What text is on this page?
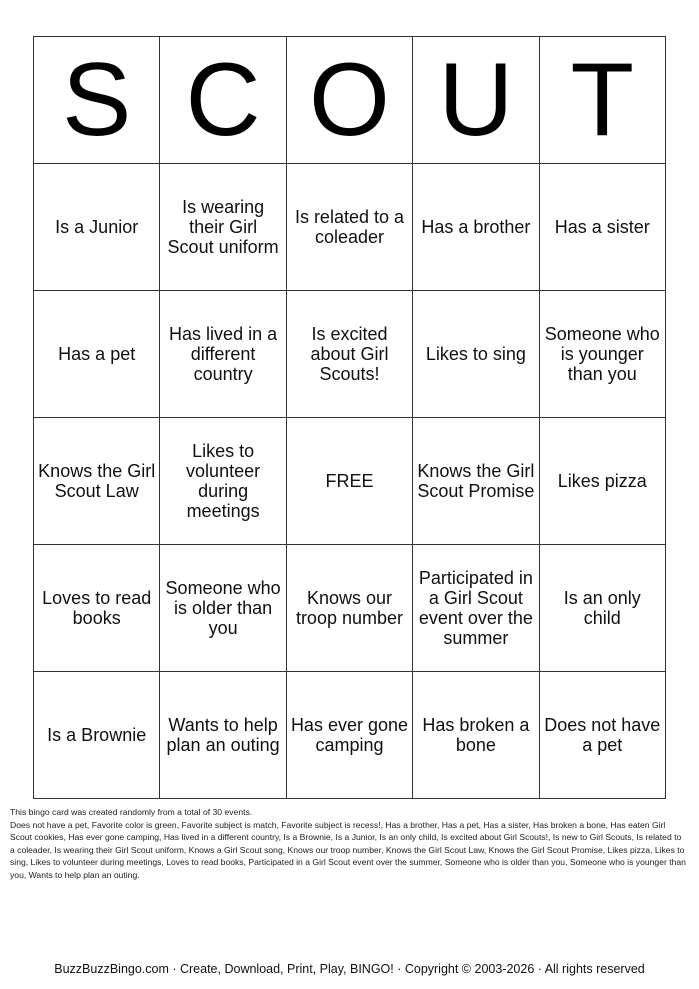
S	C	O	U	T
Is a Junior	Is wearing their Girl Scout uniform	Is related to a coleader	Has a brother	Has a sister
Has a pet	Has lived in a different country	Is excited about Girl Scouts!	Likes to sing	Someone who is younger than you
Knows the Girl Scout Law	Likes to volunteer during meetings	FREE	Knows the Girl Scout Promise	Likes pizza
Loves to read books	Someone who is older than you	Knows our troop number	Participated in a Girl Scout event over the summer	Is an only child
Is a Brownie	Wants to help plan an outing	Has ever gone camping	Has broken a bone	Does not have a pet

This bingo card was created randomly from a total of 30 events.

Does not have a pet, Favorite color is green, Favorite subject is match, Favorite subject is recess!, Has a brother, Has a pet, Has a sister, Has broken a bone, Has eaten Girl Scout cookies, Has ever gone camping, Has lived in a different country, Is a Brownie, Is a Junior, Is an only child, Is excited about Girl Scouts!, Is new to Girl Scouts, Is related to a coleader, Is wearing their Girl Scout uniform, Knows a Girl Scout song, Knows our troop number, Knows the Girl Scout Law, Knows the Girl Scout Promise, Likes pizza, Likes to sing, Likes to volunteer during meetings, Loves to read books, Participated in a Girl Scout event over the summer, Someone who is older than you, Someone who is younger than you, Wants to help plan an outing.

BuzzBuzzBingo.com · Create, Download, Print, Play, BINGO! · Copyright © 2003-2026 · All rights reserved
